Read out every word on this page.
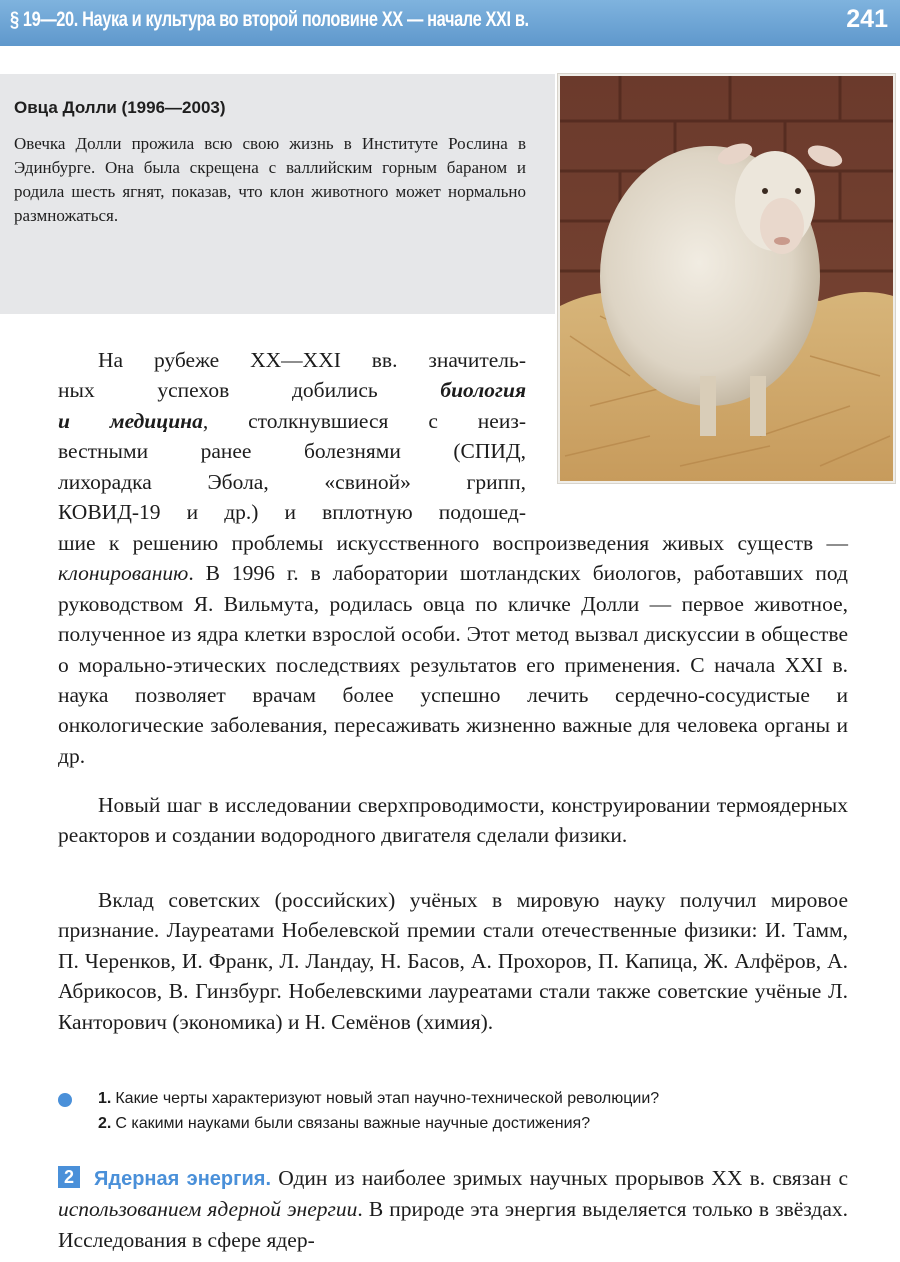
§ 19—20. Наука и культура во второй половине XX — начале XXI в.	241
Овца Долли (1996—2003)

Овечка Долли прожила всю свою жизнь в Институте Рослина в Эдинбурге. Она была скрещена с валлийским горным бараном и родила шесть ягнят, показав, что клон животного может нормально размножаться.

На рубеже XX—XXI вв. значитель-
ных успехов добились	биология
и медицина, столкнувшиеся с неиз-
вестными ранее болезнями (СПИД,
лихорадка Эбола, «свиной» грипп,
КОВИД-19 и др.) и вплотную подошед-

шие к решению проблемы искусственного воспроизведения живых существ — клонированию. В 1996 г. в лаборатории шотландских биологов, работавших под руководством Я. Вильмута, родилась овца по кличке Долли — первое животное, полученное из ядра клетки взрослой особи. Этот метод вызвал дискуссии в обществе о морально-этических последствиях результатов его применения. С начала XXI в. наука позволяет врачам более успешно лечить сердечно-сосудистые и онкологические заболевания, пересаживать жизненно важные для человека органы и др.

Новый шаг в исследовании сверхпроводимости, конструировании термоядерных реакторов и создании водородного двигателя сделали физики.

Вклад советских (российских) учёных в мировую науку получил мировое признание. Лауреатами Нобелевской премии стали отечественные физики: И. Тамм, П. Черенков, И. Франк, Л. Ландау, Н. Басов, А. Прохоров, П. Капица, Ж. Алфёров, А. Абрикосов, В. Гинзбург. Нобелевскими лауреатами стали также советские учёные Л. Канторович (экономика) и Н. Семёнов (химия).

1. Какие черты характеризуют новый этап научно-технической революции?
2. С какими науками были связаны важные научные достижения?
2	Ядерная энергия. Один из наиболее зримых научных прорывов XX в. связан с использованием ядерной энергии. В природе эта энергия выделяется только в звёздах. Исследования в сфере ядер-
